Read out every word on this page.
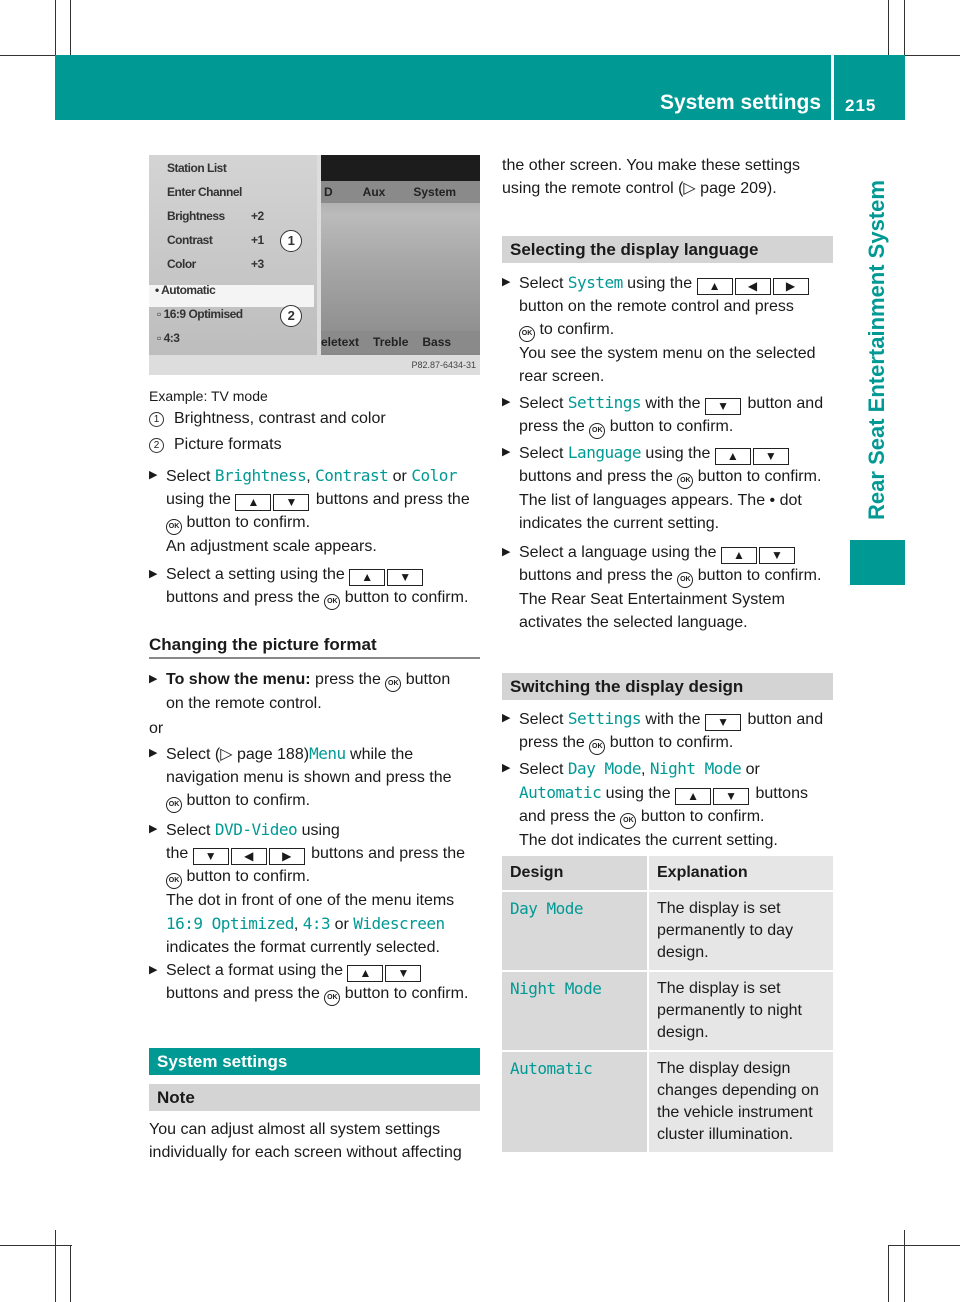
System settings 215
Rear Seat Entertainment System
Station List
Enter Channel
Brightness
Contrast
Color
• Automatic
▫ 16:9 Optimised
▫ 4:3
+2
+1
+3
1
2
D	Aux System
eletext Treble Bass
P82.87-6434-31
Example: TV mode
1 Brightness, contrast and color
2 Picture formats
▶ Select Brightness, Contrast or Color
using the ▲ ▼ buttons and press the
OK button to confirm.
An adjustment scale appears.
▶ Select a setting using the ▲ ▼
buttons and press the OK button to confirm.
Changing the picture format
▶ To show the menu: press the OK button
on the remote control.
or
▶ Select (▷ page 188)Menu while the
navigation menu is shown and press the
OK button to confirm.
▶ Select DVD-Video using
the ▼ ◀ ▶ buttons and press the
OK button to confirm.
The dot in front of one of the menu items
16:9 Optimized, 4:3 or Widescreen
indicates the format currently selected.
▶ Select a format using the ▲ ▼
buttons and press the OK button to confirm.
System settings
Note
You can adjust almost all system settings
individually for each screen without affecting
the other screen. You make these settings
using the remote control (▷ page 209).
Selecting the display language
▶ Select System using the ▲ ◀ ▶
button on the remote control and press
OK to confirm.
You see the system menu on the selected
rear screen.
▶ Select Settings with the ▼ button and
press the OK button to confirm.
▶ Select Language using the ▲ ▼
buttons and press the OK button to confirm.
The list of languages appears. The • dot
indicates the current setting.
▶ Select a language using the ▲ ▼
buttons and press the OK button to confirm.
The Rear Seat Entertainment System
activates the selected language.
Switching the display design
▶ Select Settings with the ▼ button and
press the OK button to confirm.
▶ Select Day Mode, Night Mode or
Automatic using the ▲ ▼ buttons
and press the OK button to confirm.
The dot indicates the current setting.
Design	Explanation
Day Mode	The display is set permanently to day design.
Night Mode	The display is set permanently to night design.
Automatic	The display design changes depending on the vehicle instrument cluster illumination.
